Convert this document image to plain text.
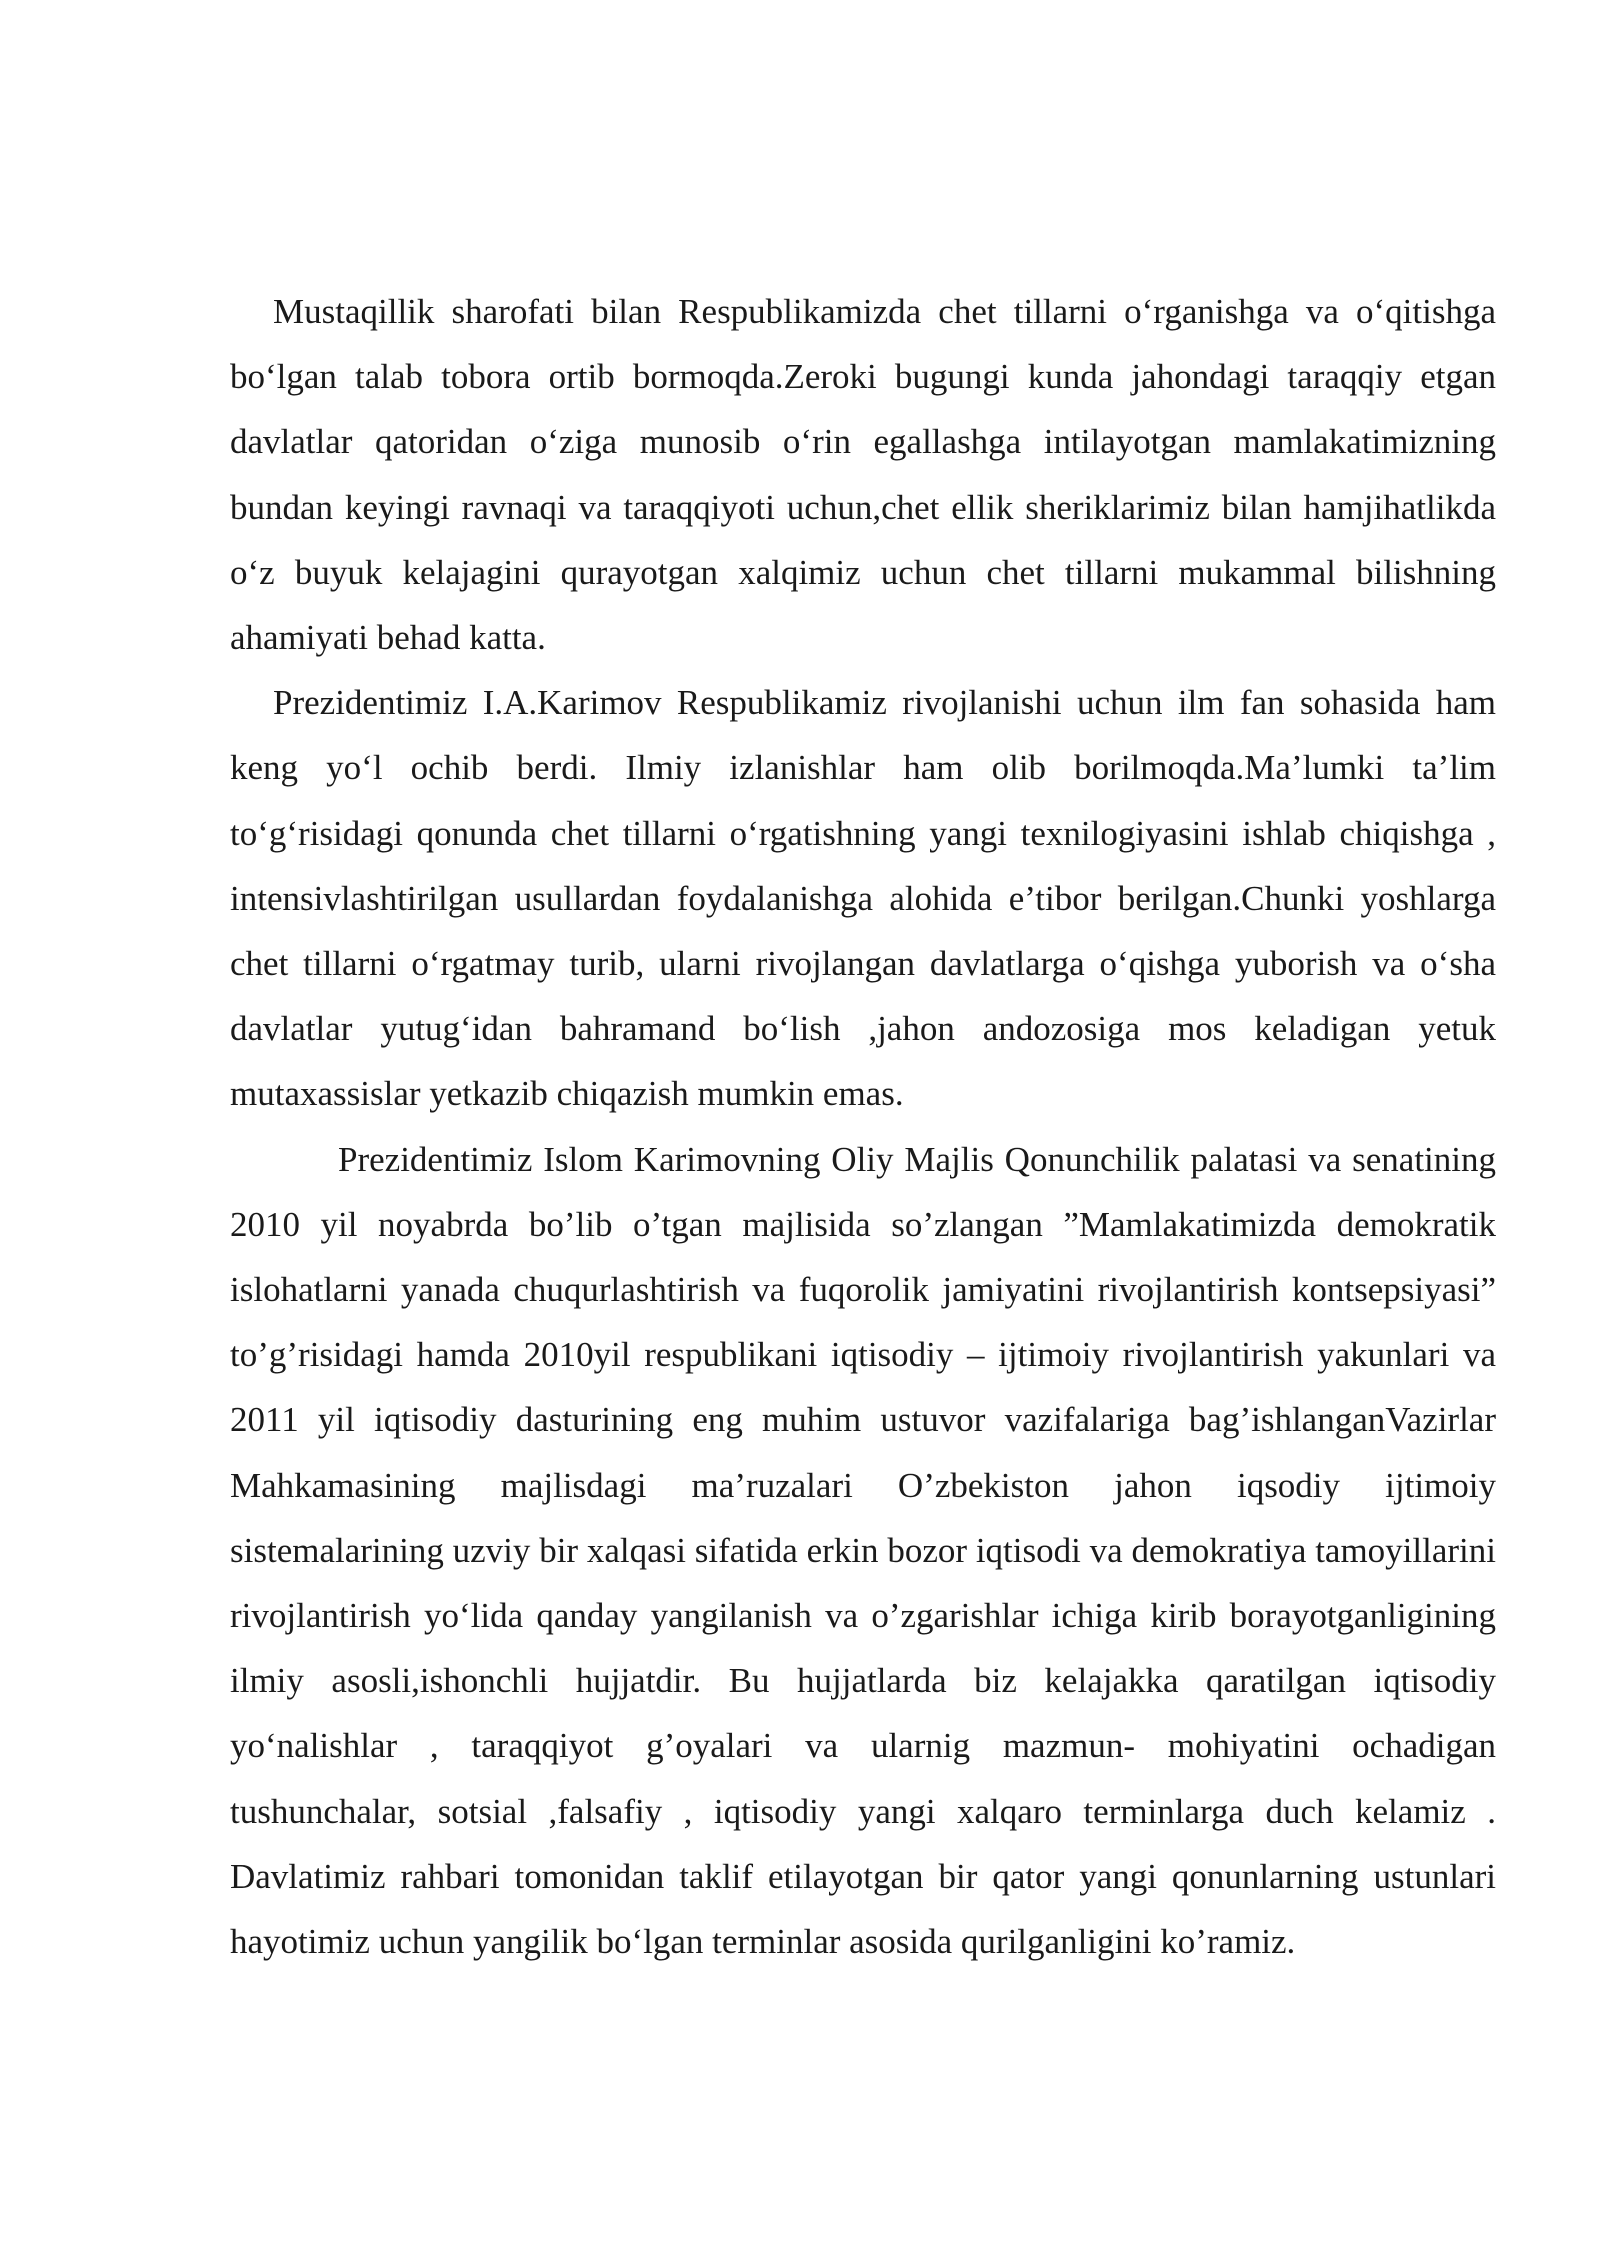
Mustaqillik sharofati bilan Respublikamizda chet tillarni o‘rganishga va o‘qitishga bo‘lgan talab tobora ortib bormoqda.Zeroki bugungi kunda jahondagi taraqqiy etgan davlatlar qatoridan o‘ziga munosib o‘rin egallashga intilayotgan mamlakatimizning bundan keyingi ravnaqi va taraqqiyoti uchun,chet ellik sheriklarimiz bilan hamjihatlikda o‘z buyuk kelajagini qurayotgan xalqimiz uchun chet tillarni mukammal bilishning ahamiyati behad katta.

Prezidentimiz I.A.Karimov Respublikamiz rivojlanishi uchun ilm fan sohasida ham keng yo‘l ochib berdi. Ilmiy izlanishlar ham olib borilmoqda.Ma’lumki ta’lim to‘g‘risidagi qonunda chet tillarni o‘rgatishning yangi texnilogiyasini ishlab chiqishga , intensivlashtirilgan usullardan foydalanishga alohida e’tibor berilgan.Chunki yoshlarga chet tillarni o‘rgatmay turib, ularni rivojlangan davlatlarga o‘qishga yuborish va o‘sha davlatlar yutug‘idan bahramand bo‘lish ,jahon andozosiga mos keladigan yetuk mutaxassislar yetkazib chiqazish mumkin emas.

Prezidentimiz Islom Karimovning Oliy Majlis Qonunchilik palatasi va senatining 2010 yil noyabrda bo’lib o’tgan majlisida so’zlangan ”Mamlakatimizda demokratik islohatlarni yanada chuqurlashtirish va fuqorolik jamiyatini rivojlantirish kontsepsiyasi” to’g’risidagi hamda 2010yil respublikani iqtisodiy – ijtimoiy rivojlantirish yakunlari va 2011 yil iqtisodiy dasturining eng muhim ustuvor vazifalariga bag’ishlanganVazirlar Mahkamasining majlisdagi ma’ruzalari O’zbekiston jahon iqsodiy ijtimoiy sistemalarining uzviy bir xalqasi sifatida erkin bozor iqtisodi va demokratiya tamoyillarini rivojlantirish yo‘lida qanday yangilanish va o’zgarishlar ichiga kirib borayotganligining ilmiy asosli,ishonchli hujjatdir. Bu hujjatlarda biz kelajakka qaratilgan iqtisodiy yo‘nalishlar , taraqqiyot g’oyalari va ularnig mazmun- mohiyatini ochadigan tushunchalar, sotsial ,falsafiy , iqtisodiy yangi xalqaro terminlarga duch kelamiz . Davlatimiz rahbari tomonidan taklif etilayotgan bir qator yangi qonunlarning ustunlari hayotimiz uchun yangilik bo‘lgan terminlar asosida qurilganligini ko’ramiz.
